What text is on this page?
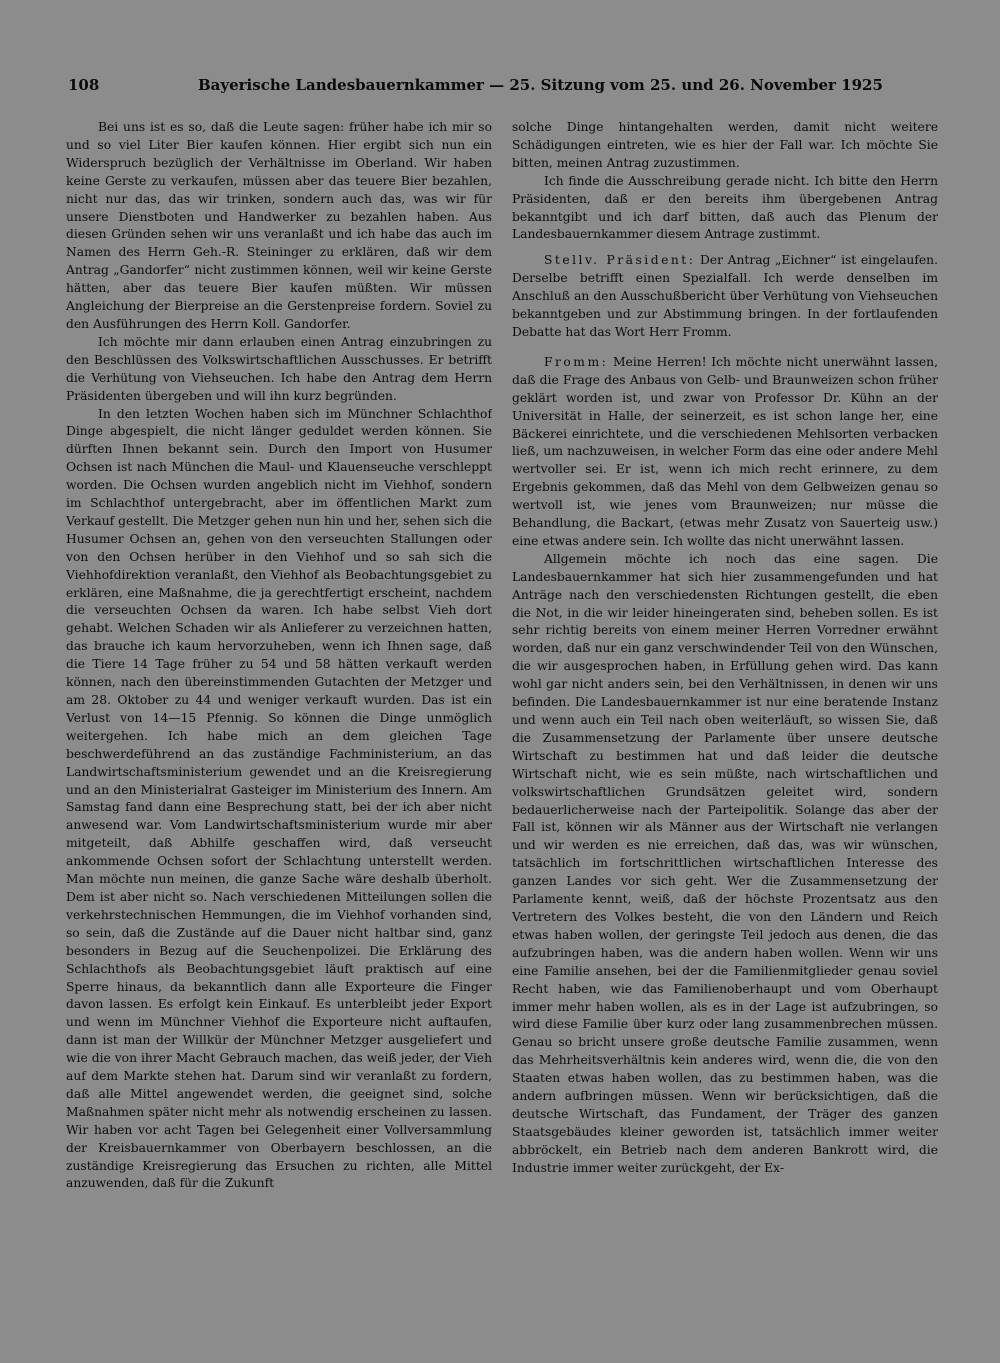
108	Bayerische Landesbauernkammer — 25. Sitzung vom 25. und 26. November 1925

Bei uns ist es so, daß die Leute sagen: früher habe ich mir so und so viel Liter Bier kaufen können. Hier ergibt sich nun ein Widerspruch bezüglich der Verhältnisse im Oberland. Wir haben keine Gerste zu verkaufen, müssen aber das teuere Bier bezahlen, nicht nur das, das wir trinken, sondern auch das, was wir für unsere Dienstboten und Handwerker zu bezahlen haben. Aus diesen Gründen sehen wir uns veranlaßt und ich habe das auch im Namen des Herrn Geh.-R. Steininger zu erklären, daß wir dem Antrag „Gandorfer“ nicht zustimmen können, weil wir keine Gerste hätten, aber das teuere Bier kaufen müßten. Wir müssen Angleichung der Bierpreise an die Gerstenpreise fordern. Soviel zu den Ausführungen des Herrn Koll. Gandorfer.

Ich möchte mir dann erlauben einen Antrag einzubringen zu den Beschlüssen des Volkswirtschaftlichen Ausschusses. Er betrifft die Verhütung von Viehseuchen. Ich habe den Antrag dem Herrn Präsidenten übergeben und will ihn kurz begründen.

In den letzten Wochen haben sich im Münchner Schlachthof Dinge abgespielt, die nicht länger geduldet werden können. Sie dürften Ihnen bekannt sein. Durch den Import von Husumer Ochsen ist nach München die Maul- und Klauenseuche verschleppt worden. Die Ochsen wurden angeblich nicht im Viehhof, sondern im Schlachthof untergebracht, aber im öffentlichen Markt zum Verkauf gestellt. Die Metzger gehen nun hin und her, sehen sich die Husumer Ochsen an, gehen von den verseuchten Stallungen oder von den Ochsen herüber in den Viehhof und so sah sich die Viehhofdirektion veranlaßt, den Viehhof als Beobachtungsgebiet zu erklären, eine Maßnahme, die ja gerechtfertigt erscheint, nachdem die verseuchten Ochsen da waren. Ich habe selbst Vieh dort gehabt. Welchen Schaden wir als Anlieferer zu verzeichnen hatten, das brauche ich kaum hervorzuheben, wenn ich Ihnen sage, daß die Tiere 14 Tage früher zu 54 und 58 hätten verkauft werden können, nach den übereinstimmenden Gutachten der Metzger und am 28. Oktober zu 44 und weniger verkauft wurden. Das ist ein Verlust von 14—15 Pfennig. So können die Dinge unmöglich weitergehen. Ich habe mich an dem gleichen Tage beschwerdeführend an das zuständige Fachministerium, an das Landwirtschaftsministerium gewendet und an die Kreisregierung und an den Ministerialrat Gasteiger im Ministerium des Innern. Am Samstag fand dann eine Besprechung statt, bei der ich aber nicht anwesend war. Vom Landwirtschaftsministerium wurde mir aber mitgeteilt, daß Abhilfe geschaffen wird, daß verseucht ankommende Ochsen sofort der Schlachtung unterstellt werden. Man möchte nun meinen, die ganze Sache wäre deshalb überholt. Dem ist aber nicht so. Nach verschiedenen Mitteilungen sollen die verkehrstechnischen Hemmungen, die im Viehhof vorhanden sind, so sein, daß die Zustände auf die Dauer nicht haltbar sind, ganz besonders in Bezug auf die Seuchenpolizei. Die Erklärung des Schlachthofs als Beobachtungsgebiet läuft praktisch auf eine Sperre hinaus, da bekanntlich dann alle Exporteure die Finger davon lassen. Es erfolgt kein Einkauf. Es unterbleibt jeder Export und wenn im Münchner Viehhof die Exporteure nicht auftaufen, dann ist man der Willkür der Münchner Metzger ausgeliefert und wie die von ihrer Macht Gebrauch machen, das weiß jeder, der Vieh auf dem Markte stehen hat. Darum sind wir veranlaßt zu fordern, daß alle Mittel angewendet werden, die geeignet sind, solche Maßnahmen später nicht mehr als notwendig erscheinen zu lassen. Wir haben vor acht Tagen bei Gelegenheit einer Vollversammlung der Kreisbauernkammer von Oberbayern beschlossen, an die zuständige Kreisregierung das Ersuchen zu richten, alle Mittel anzuwenden, daß für die Zukunft

solche Dinge hintangehalten werden, damit nicht weitere Schädigungen eintreten, wie es hier der Fall war. Ich möchte Sie bitten, meinen Antrag zuzustimmen.

Ich finde die Ausschreibung gerade nicht. Ich bitte den Herrn Präsidenten, daß er den bereits ihm übergebenen Antrag bekanntgibt und ich darf bitten, daß auch das Plenum der Landesbauernkammer diesem Antrage zustimmt.

Stellv. Präsident: Der Antrag „Eichner“ ist eingelaufen. Derselbe betrifft einen Spezialfall. Ich werde denselben im Anschluß an den Ausschußbericht über Verhütung von Viehseuchen bekanntgeben und zur Abstimmung bringen. In der fortlaufenden Debatte hat das Wort Herr Fromm.

Fromm: Meine Herren! Ich möchte nicht unerwähnt lassen, daß die Frage des Anbaus von Gelb- und Braunweizen schon früher geklärt worden ist, und zwar von Professor Dr. Kühn an der Universität in Halle, der seinerzeit, es ist schon lange her, eine Bäckerei einrichtete, und die verschiedenen Mehlsorten verbacken ließ, um nachzuweisen, in welcher Form das eine oder andere Mehl wertvoller sei. Er ist, wenn ich mich recht erinnere, zu dem Ergebnis gekommen, daß das Mehl von dem Gelbweizen genau so wertvoll ist, wie jenes vom Braunweizen; nur müsse die Behandlung, die Backart, (etwas mehr Zusatz von Sauerteig usw.) eine etwas andere sein. Ich wollte das nicht unerwähnt lassen.

Allgemein möchte ich noch das eine sagen. Die Landesbauernkammer hat sich hier zusammengefunden und hat Anträge nach den verschiedensten Richtungen gestellt, die eben die Not, in die wir leider hineingeraten sind, beheben sollen. Es ist sehr richtig bereits von einem meiner Herren Vorredner erwähnt worden, daß nur ein ganz verschwindender Teil von den Wünschen, die wir ausgesprochen haben, in Erfüllung gehen wird. Das kann wohl gar nicht anders sein, bei den Verhältnissen, in denen wir uns befinden. Die Landesbauernkammer ist nur eine beratende Instanz und wenn auch ein Teil nach oben weiterläuft, so wissen Sie, daß die Zusammensetzung der Parlamente über unsere deutsche Wirtschaft zu bestimmen hat und daß leider die deutsche Wirtschaft nicht, wie es sein müßte, nach wirtschaftlichen und volkswirtschaftlichen Grundsätzen geleitet wird, sondern bedauerlicherweise nach der Parteipolitik. Solange das aber der Fall ist, können wir als Männer aus der Wirtschaft nie verlangen und wir werden es nie erreichen, daß das, was wir wünschen, tatsächlich im fortschrittlichen wirtschaftlichen Interesse des ganzen Landes vor sich geht. Wer die Zusammensetzung der Parlamente kennt, weiß, daß der höchste Prozentsatz aus den Vertretern des Volkes besteht, die von den Ländern und Reich etwas haben wollen, der geringste Teil jedoch aus denen, die das aufzubringen haben, was die andern haben wollen. Wenn wir uns eine Familie ansehen, bei der die Familienmitglieder genau soviel Recht haben, wie das Familienoberhaupt und vom Oberhaupt immer mehr haben wollen, als es in der Lage ist aufzubringen, so wird diese Familie über kurz oder lang zusammenbrechen müssen. Genau so bricht unsere große deutsche Familie zusammen, wenn das Mehrheitsverhältnis kein anderes wird, wenn die, die von den Staaten etwas haben wollen, das zu bestimmen haben, was die andern aufbringen müssen. Wenn wir berücksichtigen, daß die deutsche Wirtschaft, das Fundament, der Träger des ganzen Staatsgebäudes kleiner geworden ist, tatsächlich immer weiter abbröckelt, ein Betrieb nach dem anderen Bankrott wird, die Industrie immer weiter zurückgeht, der Ex-
